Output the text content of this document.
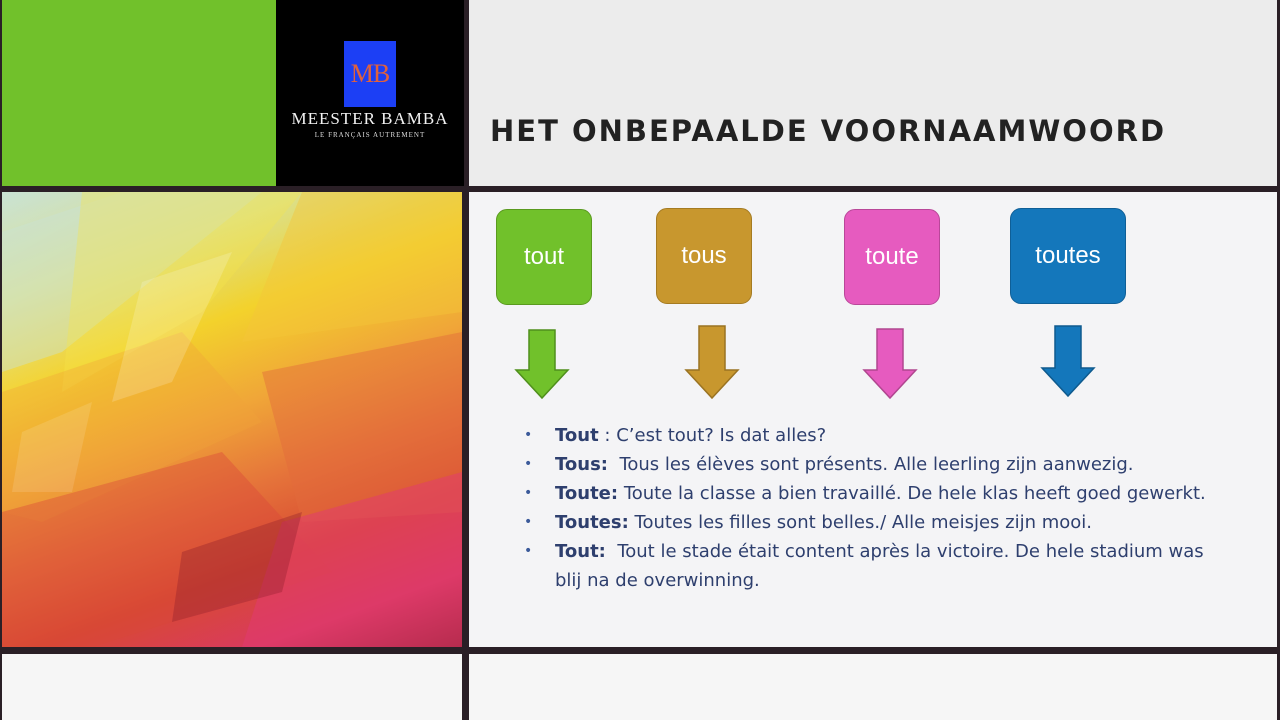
MB
MEESTER BAMBA
LE FRANÇAIS AUTREMENT	HET ONBEPAALDE VOORNAAMWOORD
tout	tous	toute	toutes
• Tout : C’est tout? Is dat alles?
• Tous: Tous les élèves sont présents. Alle leerling zijn aanwezig.
• Toute: Toute la classe a bien travaillé. De hele klas heeft goed gewerkt.
• Toutes: Toutes les filles sont belles./ Alle meisjes zijn mooi.
• Tout: Tout le stade était content après la victoire. De hele stadium was blij na de overwinning.
